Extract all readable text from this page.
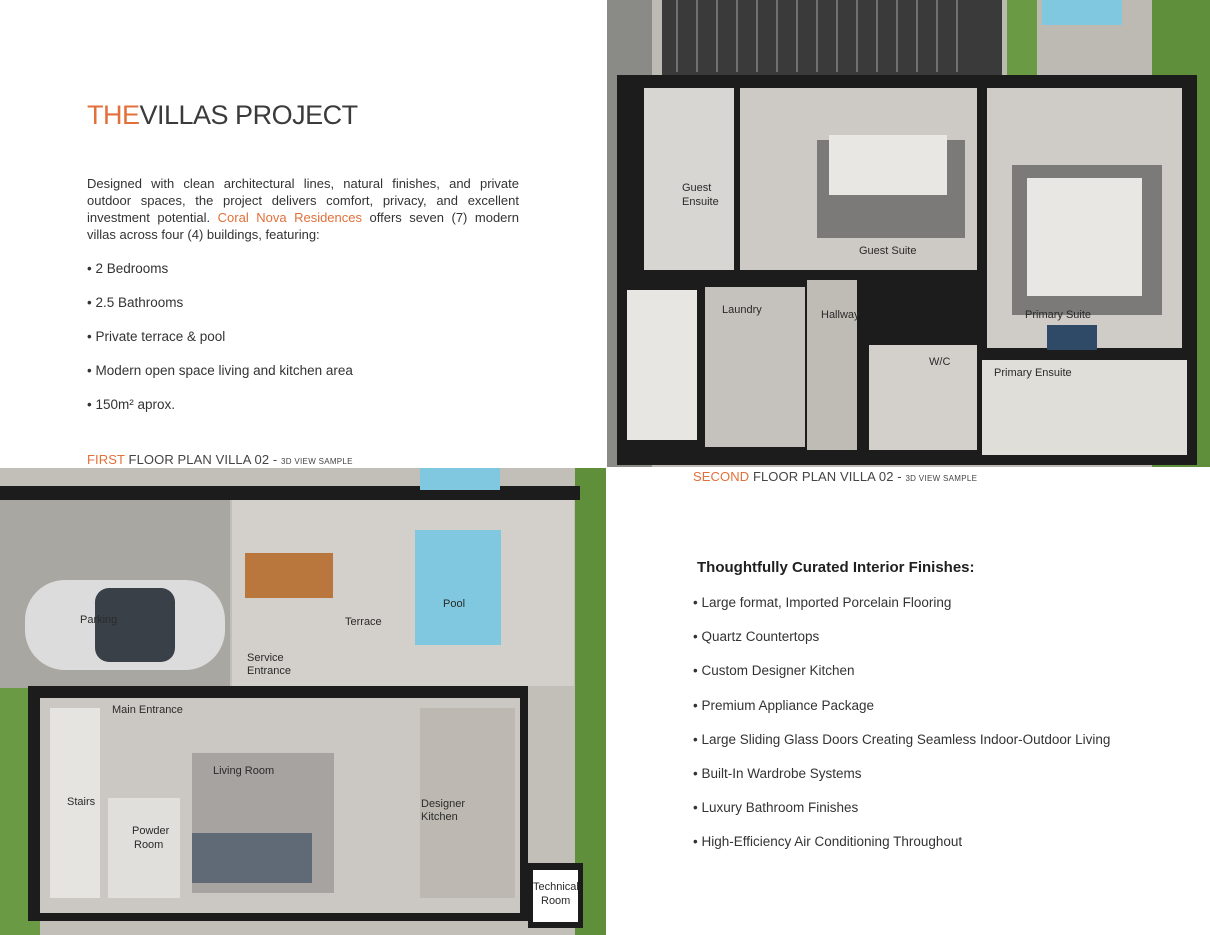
THEVILLAS PROJECT
Designed with clean architectural lines, natural finishes, and private outdoor spaces, the project delivers comfort, privacy, and excellent investment potential. Coral Nova Residences offers seven (7) modern villas across four (4) buildings, featuring:
• 2 Bedrooms
• 2.5 Bathrooms
• Private terrace & pool
• Modern open space living and kitchen area
• 150m² aprox.
FIRST FLOOR PLAN VILLA 02 - 3D VIEW SAMPLE
Guest
Ensuite
Guest Suite
Laundry	Hallway
W/C
Primary Suite
Primary Ensuite
SECOND FLOOR PLAN VILLA 02 - 3D VIEW SAMPLE
Parking	Terrace
Pool
Service
Entrance
Main Entrance
Living Room
Stairs
Powder
Room
Designer
Kitchen
Technical
Room
Thoughtfully Curated Interior Finishes:
• Large format, Imported Porcelain Flooring
• Quartz Countertops
• Custom Designer Kitchen
• Premium Appliance Package
• Large Sliding Glass Doors Creating Seamless Indoor-Outdoor Living
• Built-In Wardrobe Systems
• Luxury Bathroom Finishes
• High-Efficiency Air Conditioning Throughout
